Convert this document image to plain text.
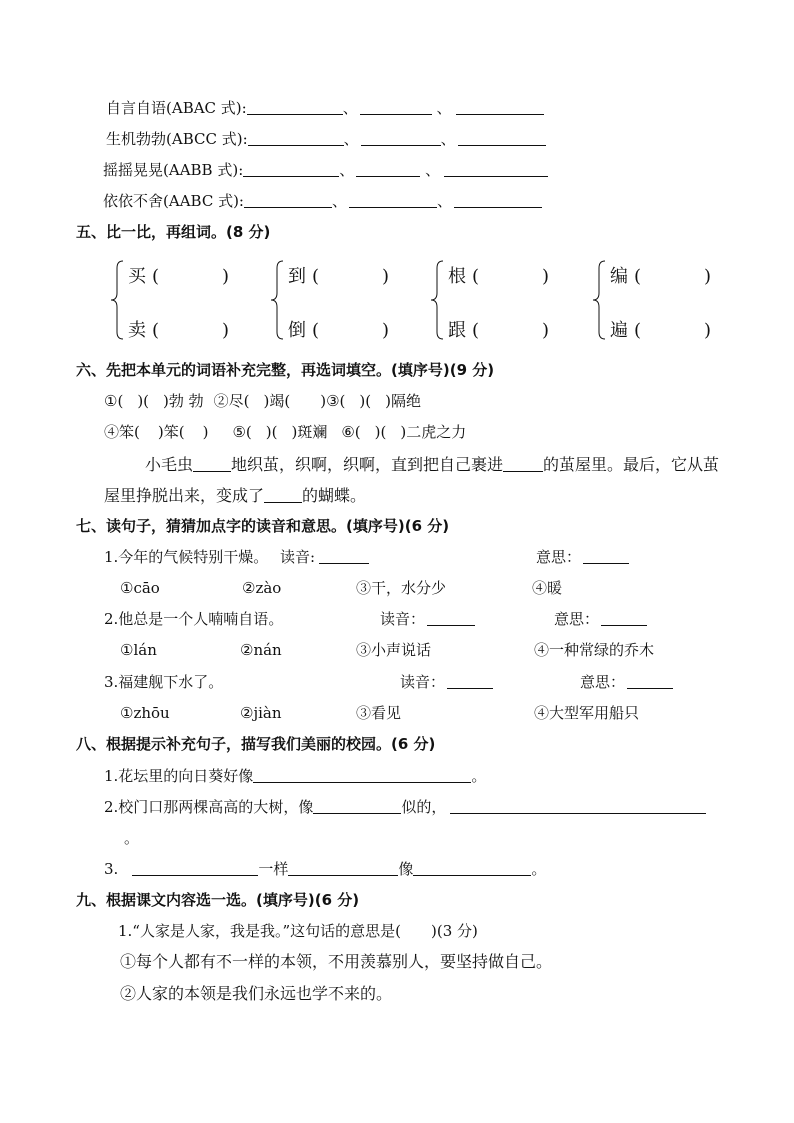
自言自语(ABAC 式):	、	、
生机勃勃(ABCC 式):	、	、
摇摇晃晃(AABB 式):	、	、
依依不舍(AABC 式):	、	、
五、比一比，再组词。(8 分)
买 (	)
卖 (	)
到 (	)
倒 (	)
根 (	)
跟 (	)
编 (	)
遍 (	)
六、先把本单元的词语补充完整，再选词填空。(填序号)(9 分)
①( )( )勃 勃 ②尽( )竭( )③( )( )隔绝
④笨( )笨( ) ⑤( )( )斑斓 ⑥( )( )二虎之力
小毛虫 地织茧，织啊，织啊，直到把自己裹进	的茧屋里。最后，它从茧
屋里挣脱出来，变成了 的蝴蝶。
七、读句子，猜猜加点字的读音和意思。(填序号)(6 分)
1.今年的气候特别干燥。 读音:	意思：
①cāo	②zào	③干，水分少	④暖
2.他总是一个人喃喃自语。	读音：	意思：
①lán	②nán	③小声说话	④一种常绿的乔木
3.福建舰下水了。	读音：	意思：
①zhōu	②jiàn	③看见	④大型军用船只
八、根据提示补充句子，描写我们美丽的校园。(6 分)
1.花坛里的向日葵好像	。
2.校门口那两棵高高的大树，像	似的，
。
3.	一样	像	。
九、根据课文内容选一选。(填序号)(6 分)
1.“人家是人家，我是我。”这句话的意思是( )(3 分)
①每个人都有不一样的本领，不用羡慕别人，要坚持做自己。
②人家的本领是我们永远也学不来的。
